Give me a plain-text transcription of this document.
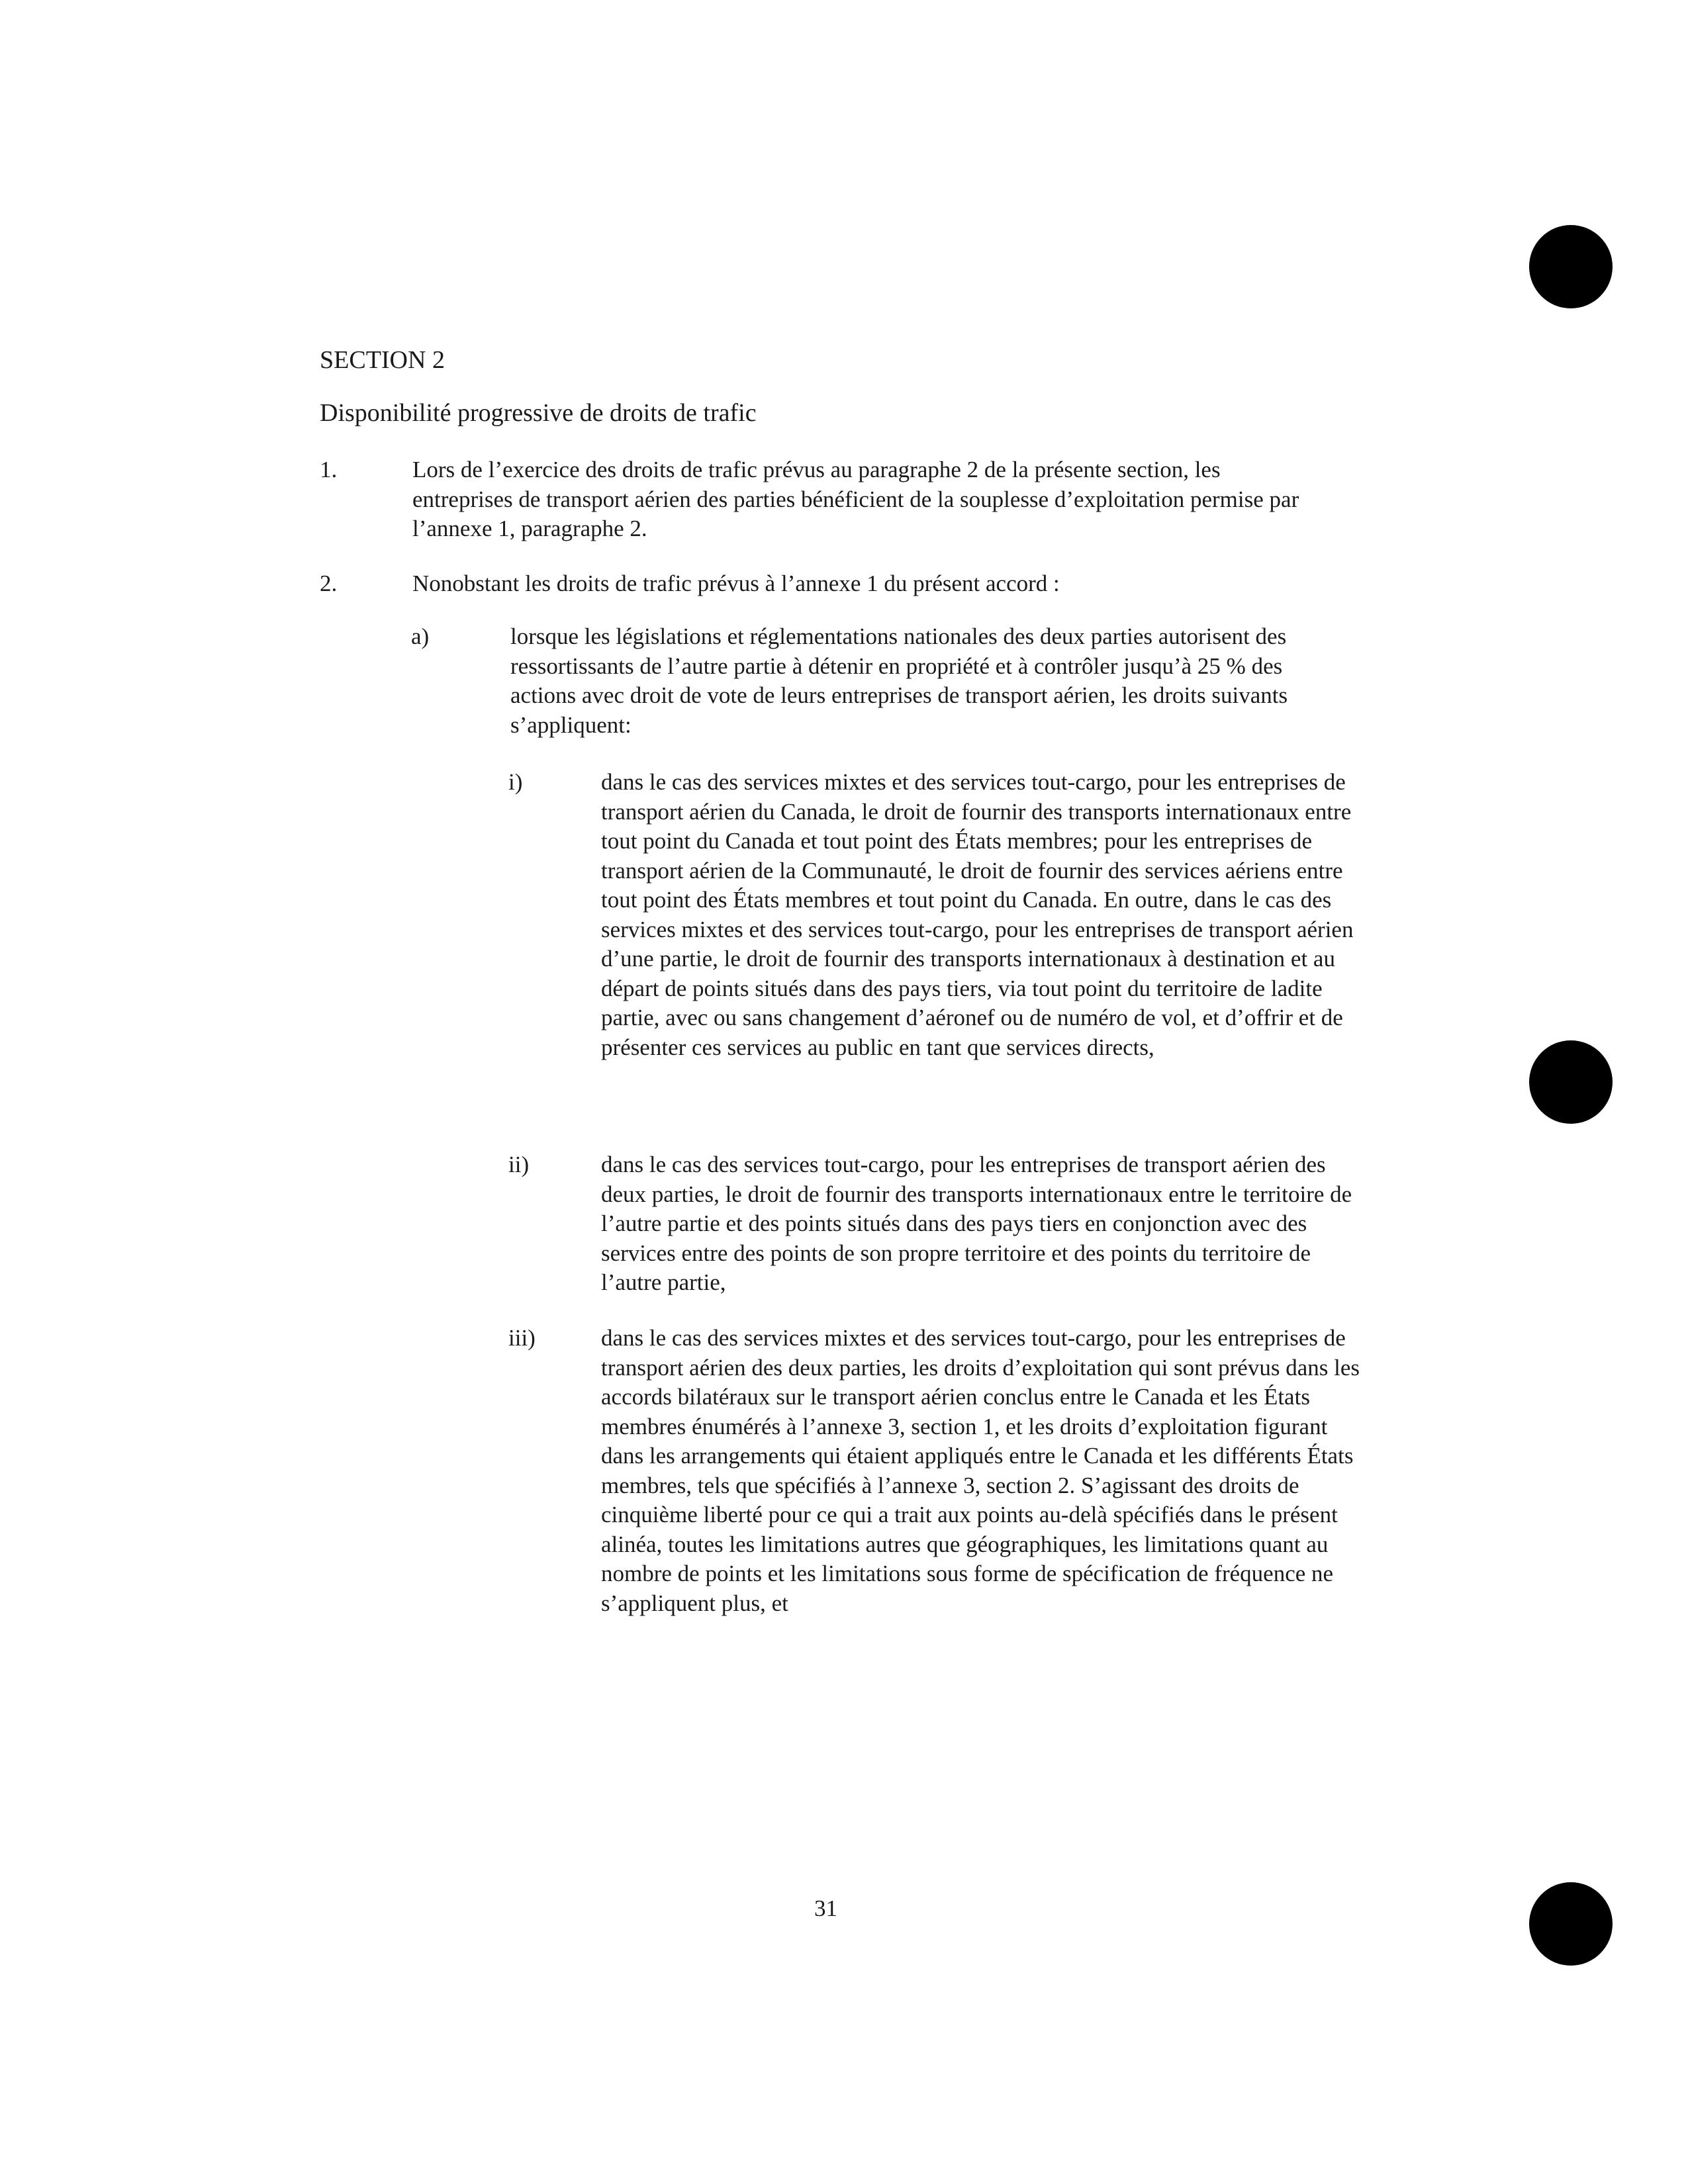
SECTION 2
Disponibilité progressive de droits de trafic
1.	Lors de l’exercice des droits de trafic prévus au paragraphe 2 de la présente section, les entreprises de transport aérien des parties bénéficient de la souplesse d’exploitation permise par l’annexe 1, paragraphe 2.
2.	Nonobstant les droits de trafic prévus à l’annexe 1 du présent accord :
a)	lorsque les législations et réglementations nationales des deux parties autorisent des ressortissants de l’autre partie à détenir en propriété et à contrôler jusqu’à 25 % des actions avec droit de vote de leurs entreprises de transport aérien, les droits suivants s’appliquent:
i)	dans le cas des services mixtes et des services tout-cargo, pour les entreprises de transport aérien du Canada, le droit de fournir des transports internationaux entre tout point du Canada et tout point des États membres; pour les entreprises de transport aérien de la Communauté, le droit de fournir des services aériens entre tout point des États membres et tout point du Canada. En outre, dans le cas des services mixtes et des services tout-cargo, pour les entreprises de transport aérien d’une partie, le droit de fournir des transports internationaux à destination et au départ de points situés dans des pays tiers, via tout point du territoire de ladite partie, avec ou sans changement d’aéronef ou de numéro de vol, et d’offrir et de présenter ces services au public en tant que services directs,
ii)	dans le cas des services tout-cargo, pour les entreprises de transport aérien des deux parties, le droit de fournir des transports internationaux entre le territoire de l’autre partie et des points situés dans des pays tiers en conjonction avec des services entre des points de son propre territoire et des points du territoire de l’autre partie,
iii)	dans le cas des services mixtes et des services tout-cargo, pour les entreprises de transport aérien des deux parties, les droits d’exploitation qui sont prévus dans les accords bilatéraux sur le transport aérien conclus entre le Canada et les États membres énumérés à l’annexe 3, section 1, et les droits d’exploitation figurant dans les arrangements qui étaient appliqués entre le Canada et les différents États membres, tels que spécifiés à l’annexe 3, section 2. S’agissant des droits de cinquième liberté pour ce qui a trait aux points au-delà spécifiés dans le présent alinéa, toutes les limitations autres que géographiques, les limitations quant au nombre de points et les limitations sous forme de spécification de fréquence ne s’appliquent plus, et
31
